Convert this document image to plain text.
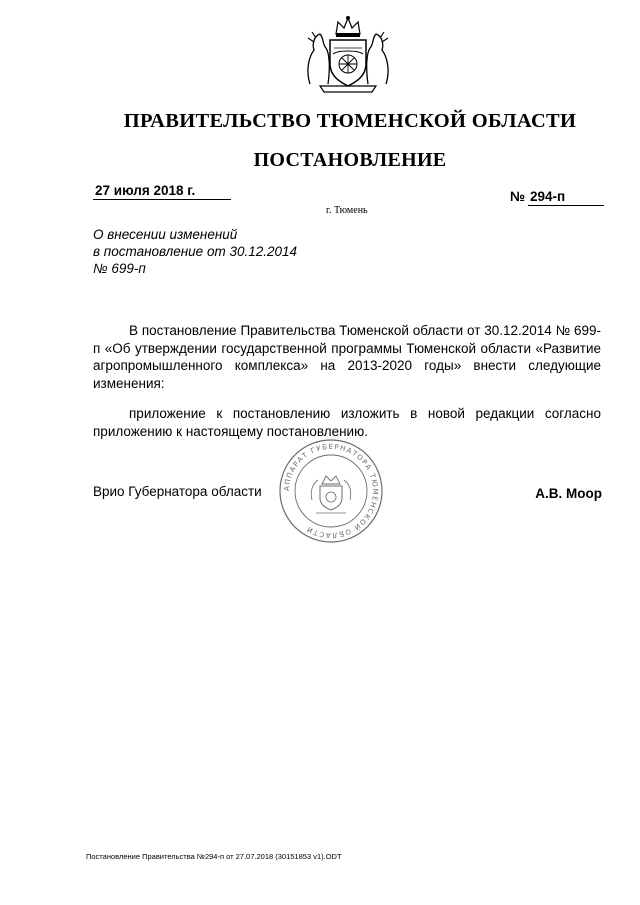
ПРАВИТЕЛЬСТВО ТЮМЕНСКОЙ ОБЛАСТИ
ПОСТАНОВЛЕНИЕ
27 июля 2018 г.	№ 294-п
г. Тюмень
О внесении изменений
в постановление от 30.12.2014
№ 699-п
В постановление Правительства Тюменской области от 30.12.2014 № 699-п «Об утверждении государственной программы Тюменской области «Развитие агропромышленного комплекса» на 2013-2020 годы» внести следующие изменения:
приложение к постановлению изложить в новой редакции согласно приложению к настоящему постановлению.
Врио Губернатора области	А.В. Моор
АППАРАТ ГУБЕРНАТОРА ТЮМЕНСКОЙ ОБЛАСТИ
Постановление Правительства №294-п от 27.07.2018 (30151853 v1).ODT
